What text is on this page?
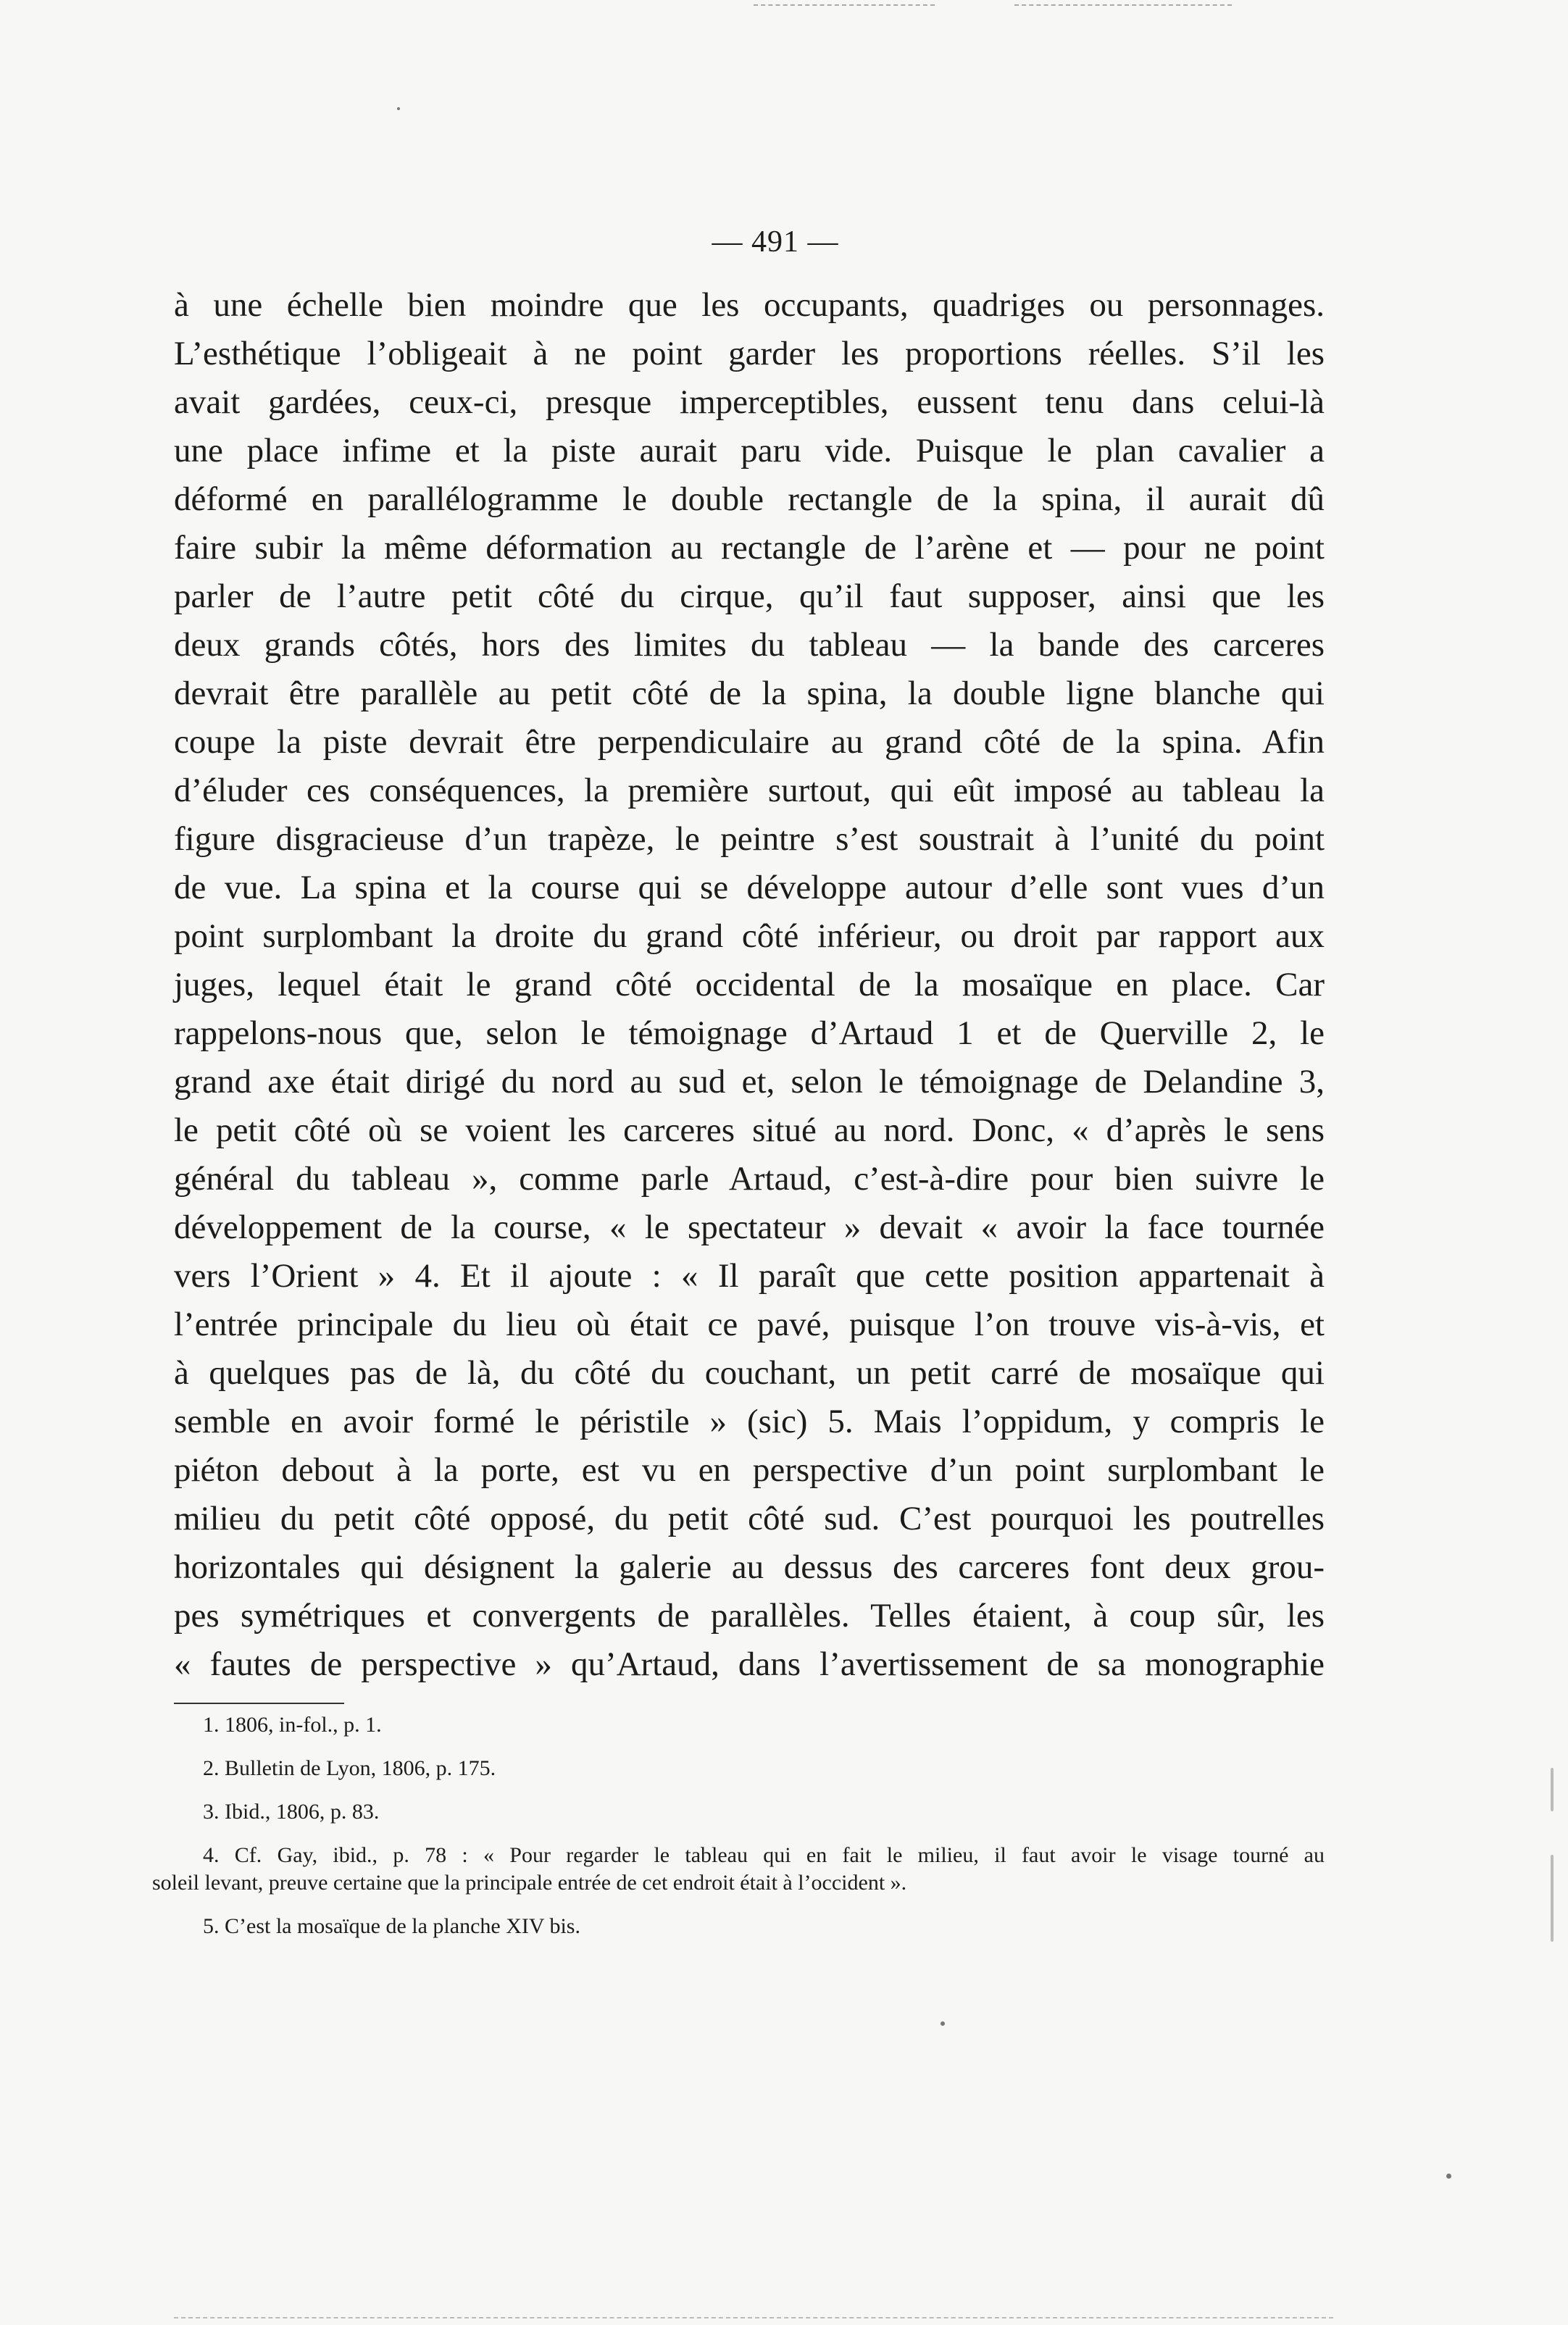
— 491 —
à une échelle bien moindre que les occupants, quadriges ou personnages.
L’esthétique l’obligeait à ne point garder les proportions réelles. S’il les
avait gardées, ceux-ci, presque imperceptibles, eussent tenu dans celui-là
une place infime et la piste aurait paru vide. Puisque le plan cavalier a
déformé en parallélogramme le double rectangle de la spina, il aurait dû
faire subir la même déformation au rectangle de l’arène et — pour ne point
parler de l’autre petit côté du cirque, qu’il faut supposer, ainsi que les
deux grands côtés, hors des limites du tableau — la bande des carceres
devrait être parallèle au petit côté de la spina, la double ligne blanche qui
coupe la piste devrait être perpendiculaire au grand côté de la spina. Afin
d’éluder ces conséquences, la première surtout, qui eût imposé au tableau la
figure disgracieuse d’un trapèze, le peintre s’est soustrait à l’unité du point
de vue. La spina et la course qui se développe autour d’elle sont vues d’un
point surplombant la droite du grand côté inférieur, ou droit par rapport aux
juges, lequel était le grand côté occidental de la mosaïque en place. Car
rappelons-nous que, selon le témoignage d’Artaud 1 et de Querville 2, le
grand axe était dirigé du nord au sud et, selon le témoignage de Delandine 3,
le petit côté où se voient les carceres situé au nord. Donc, « d’après le sens
général du tableau », comme parle Artaud, c’est-à-dire pour bien suivre le
développement de la course, « le spectateur » devait « avoir la face tournée
vers l’Orient » 4. Et il ajoute : « Il paraît que cette position appartenait à
l’entrée principale du lieu où était ce pavé, puisque l’on trouve vis-à-vis, et
à quelques pas de là, du côté du couchant, un petit carré de mosaïque qui
semble en avoir formé le péristile » (sic) 5. Mais l’oppidum, y compris le
piéton debout à la porte, est vu en perspective d’un point surplombant le
milieu du petit côté opposé, du petit côté sud. C’est pourquoi les poutrelles
horizontales qui désignent la galerie au dessus des carceres font deux grou-
pes symétriques et convergents de parallèles. Telles étaient, à coup sûr, les
« fautes de perspective » qu’Artaud, dans l’avertissement de sa monographie
1. 1806, in-fol., p. 1.
2. Bulletin de Lyon, 1806, p. 175.
3. Ibid., 1806, p. 83.
4. Cf. Gay, ibid., p. 78 : « Pour regarder le tableau qui en fait le milieu, il faut avoir le visage tourné au
soleil levant, preuve certaine que la principale entrée de cet endroit était à l’occident ».
5. C’est la mosaïque de la planche XIV bis.
